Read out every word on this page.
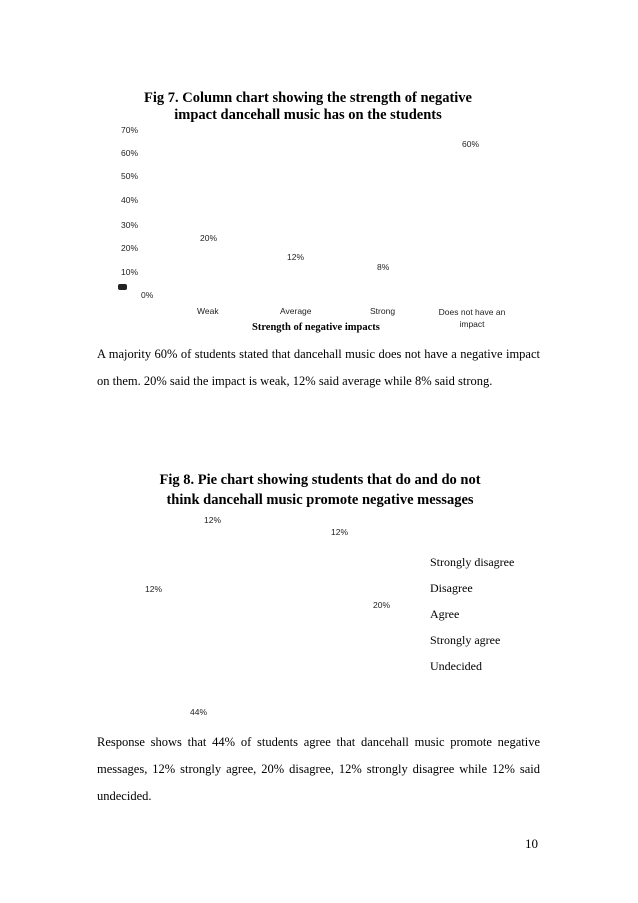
Fig 7. Column chart showing the strength of negative
impact dancehall music has on the students
70%
60%
50%
40%
30%
20%
10%
0%
20%
12%
8%
60%
Weak	Average	Strong	Does not have an impact
Strength of negative impacts
A majority 60% of students stated that dancehall music does not have a negative impact on them. 20% said the impact is weak, 12% said average while 8% said strong.
Fig 8. Pie chart showing students that do and do not
think dancehall music promote negative messages
12%
12%
12%
20%
44%
Strongly disagree
Disagree
Agree
Strongly agree
Undecided
Response shows that 44% of students agree that dancehall music promote negative messages, 12% strongly agree, 20% disagree, 12% strongly disagree while 12% said undecided.
10
